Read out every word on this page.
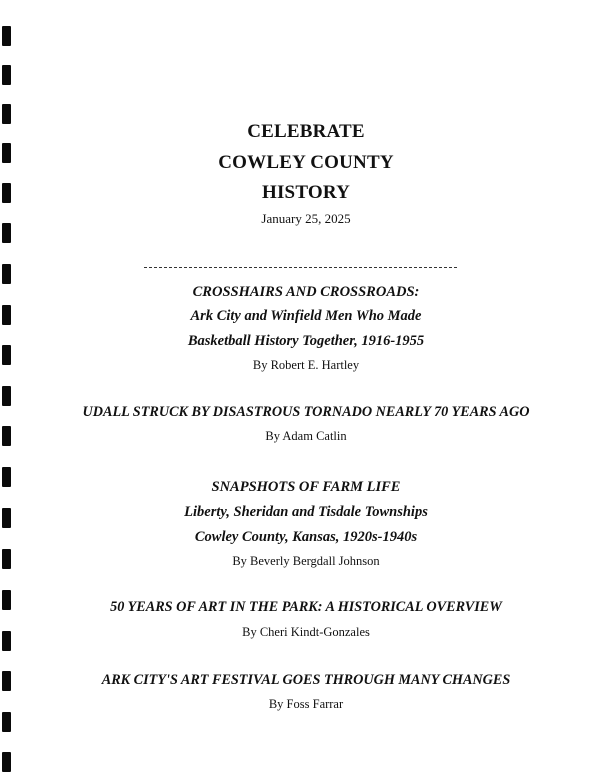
CELEBRATE
COWLEY COUNTY
HISTORY
January 25, 2025
CROSSHAIRS AND CROSSROADS:
Ark City and Winfield Men Who Made
Basketball History Together, 1916-1955
By Robert E. Hartley
UDALL STRUCK BY DISASTROUS TORNADO NEARLY 70 YEARS AGO
By Adam Catlin
SNAPSHOTS OF FARM LIFE
Liberty, Sheridan and Tisdale Townships
Cowley County, Kansas, 1920s-1940s
By Beverly Bergdall Johnson
50 YEARS OF ART IN THE PARK: A HISTORICAL OVERVIEW
By Cheri Kindt-Gonzales
ARK CITY'S ART FESTIVAL GOES THROUGH MANY CHANGES
By Foss Farrar
